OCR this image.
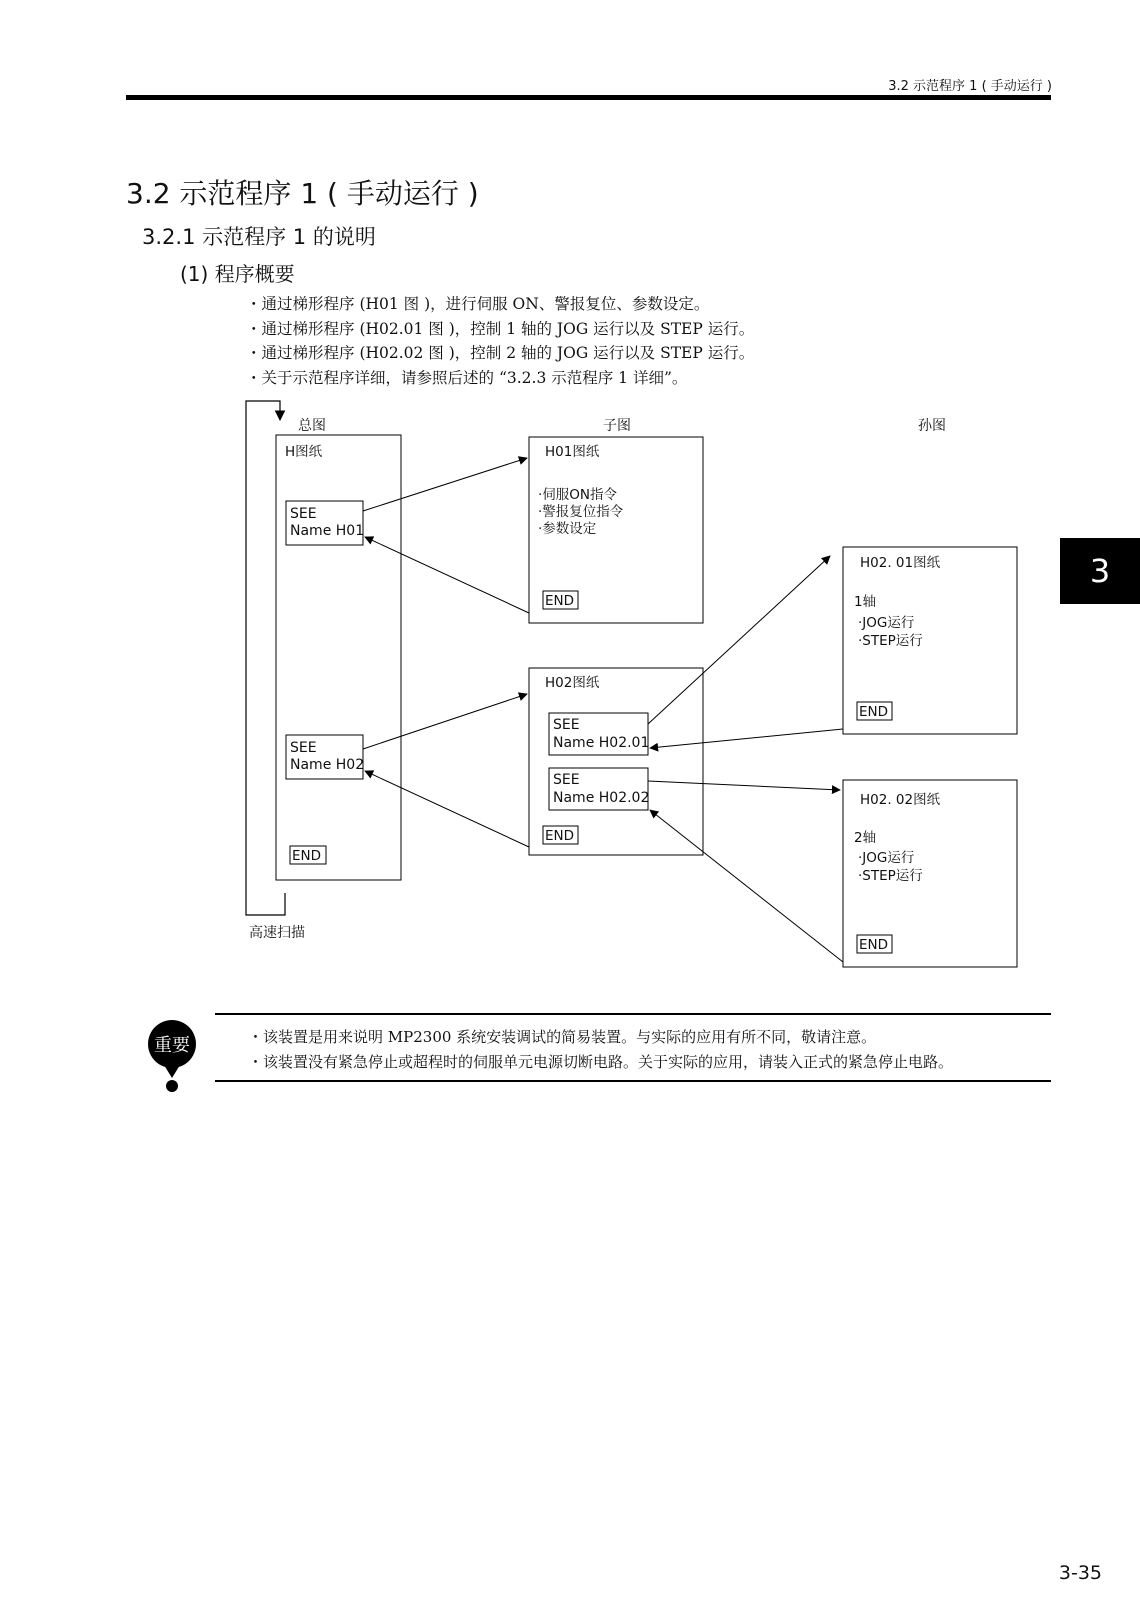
3.2 示范程序 1 ( 手动运行 )
3.2 示范程序 1 ( 手动运行 )
3.2.1 示范程序 1 的说明
(1) 程序概要
・ 通过梯形程序 (H01 图 )，进行伺服 ON、警报复位、参数设定。
・ 通过梯形程序 (H02.01 图 )，控制 1 轴的 JOG 运行以及 STEP 运行。
・ 通过梯形程序 (H02.02 图 )，控制 2 轴的 JOG 运行以及 STEP 运行。
・ 关于示范程序详细，请参照后述的 “3.2.3 示范程序 1 详细”。
总图	子图	孙图
高速扫描
H图纸
SEE
Name H01
SEE
Name H02
END
H01图纸
·伺服ON指令
·警报复位指令
·参数设定
END
H02图纸
SEE
Name H02.01
SEE
Name H02.02
END
H02. 01图纸
1轴
·JOG运行
·STEP运行
END
H02. 02图纸
2轴
·JOG运行
·STEP运行
END
3
重要
・	该装置是用来说明 MP2300 系统安装调试的简易装置。与实际的应用有所不同，敬请注意。
・ 该装置没有紧急停止或超程时的伺服单元电源切断电路。关于实际的应用，请装入正式的紧急停止电路。
3-35
